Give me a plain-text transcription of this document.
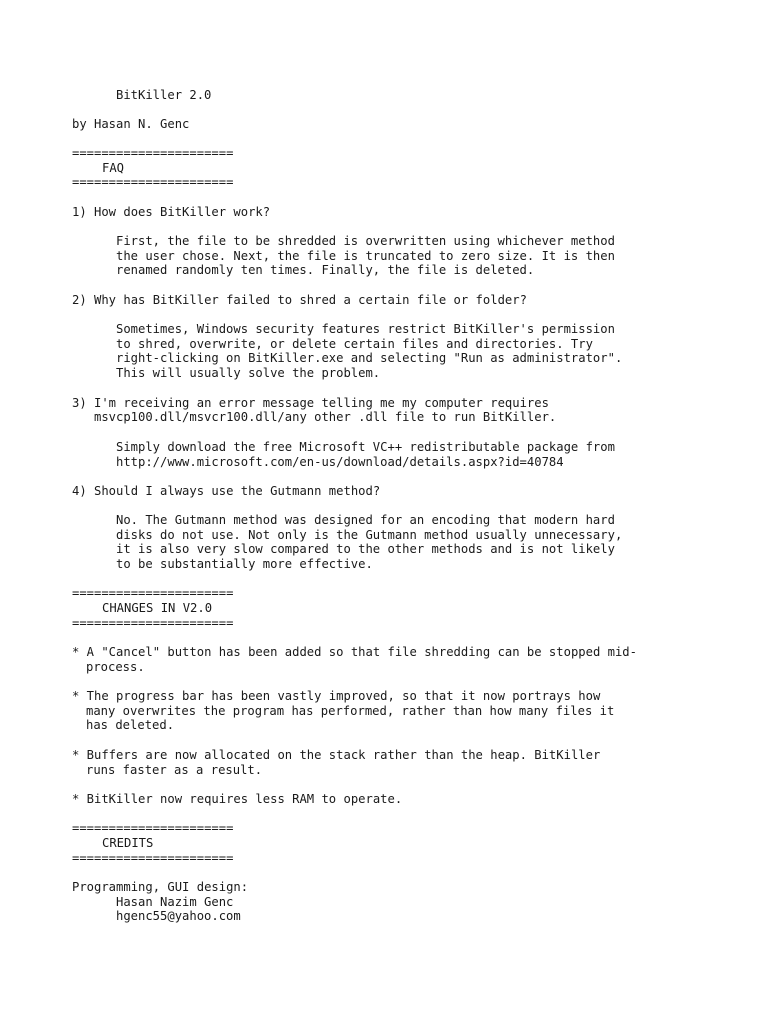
BitKiller 2.0

by Hasan N. Genc

======================

FAQ

======================

1) How does BitKiller work?

First, the file to be shredded is overwritten using whichever method

the user chose. Next, the file is truncated to zero size. It is then

renamed randomly ten times. Finally, the file is deleted.

2) Why has BitKiller failed to shred a certain file or folder?

Sometimes, Windows security features restrict BitKiller's permission

to shred, overwrite, or delete certain files and directories. Try

right-clicking on BitKiller.exe and selecting "Run as administrator".

This will usually solve the problem.

3) I'm receiving an error message telling me my computer requires

msvcp100.dll/msvcr100.dll/any other .dll file to run BitKiller.

Simply download the free Microsoft VC++ redistributable package from

http://www.microsoft.com/en-us/download/details.aspx?id=40784

4) Should I always use the Gutmann method?

No. The Gutmann method was designed for an encoding that modern hard

disks do not use. Not only is the Gutmann method usually unnecessary,

it is also very slow compared to the other methods and is not likely

to be substantially more effective.

======================

CHANGES IN V2.0

======================

* A "Cancel" button has been added so that file shredding can be stopped mid-

process.

* The progress bar has been vastly improved, so that it now portrays how

many overwrites the program has performed, rather than how many files it

has deleted.

* Buffers are now allocated on the stack rather than the heap. BitKiller

runs faster as a result.

* BitKiller now requires less RAM to operate.

======================

CREDITS

======================

Programming, GUI design:

Hasan Nazim Genc

hgenc55@yahoo.com
